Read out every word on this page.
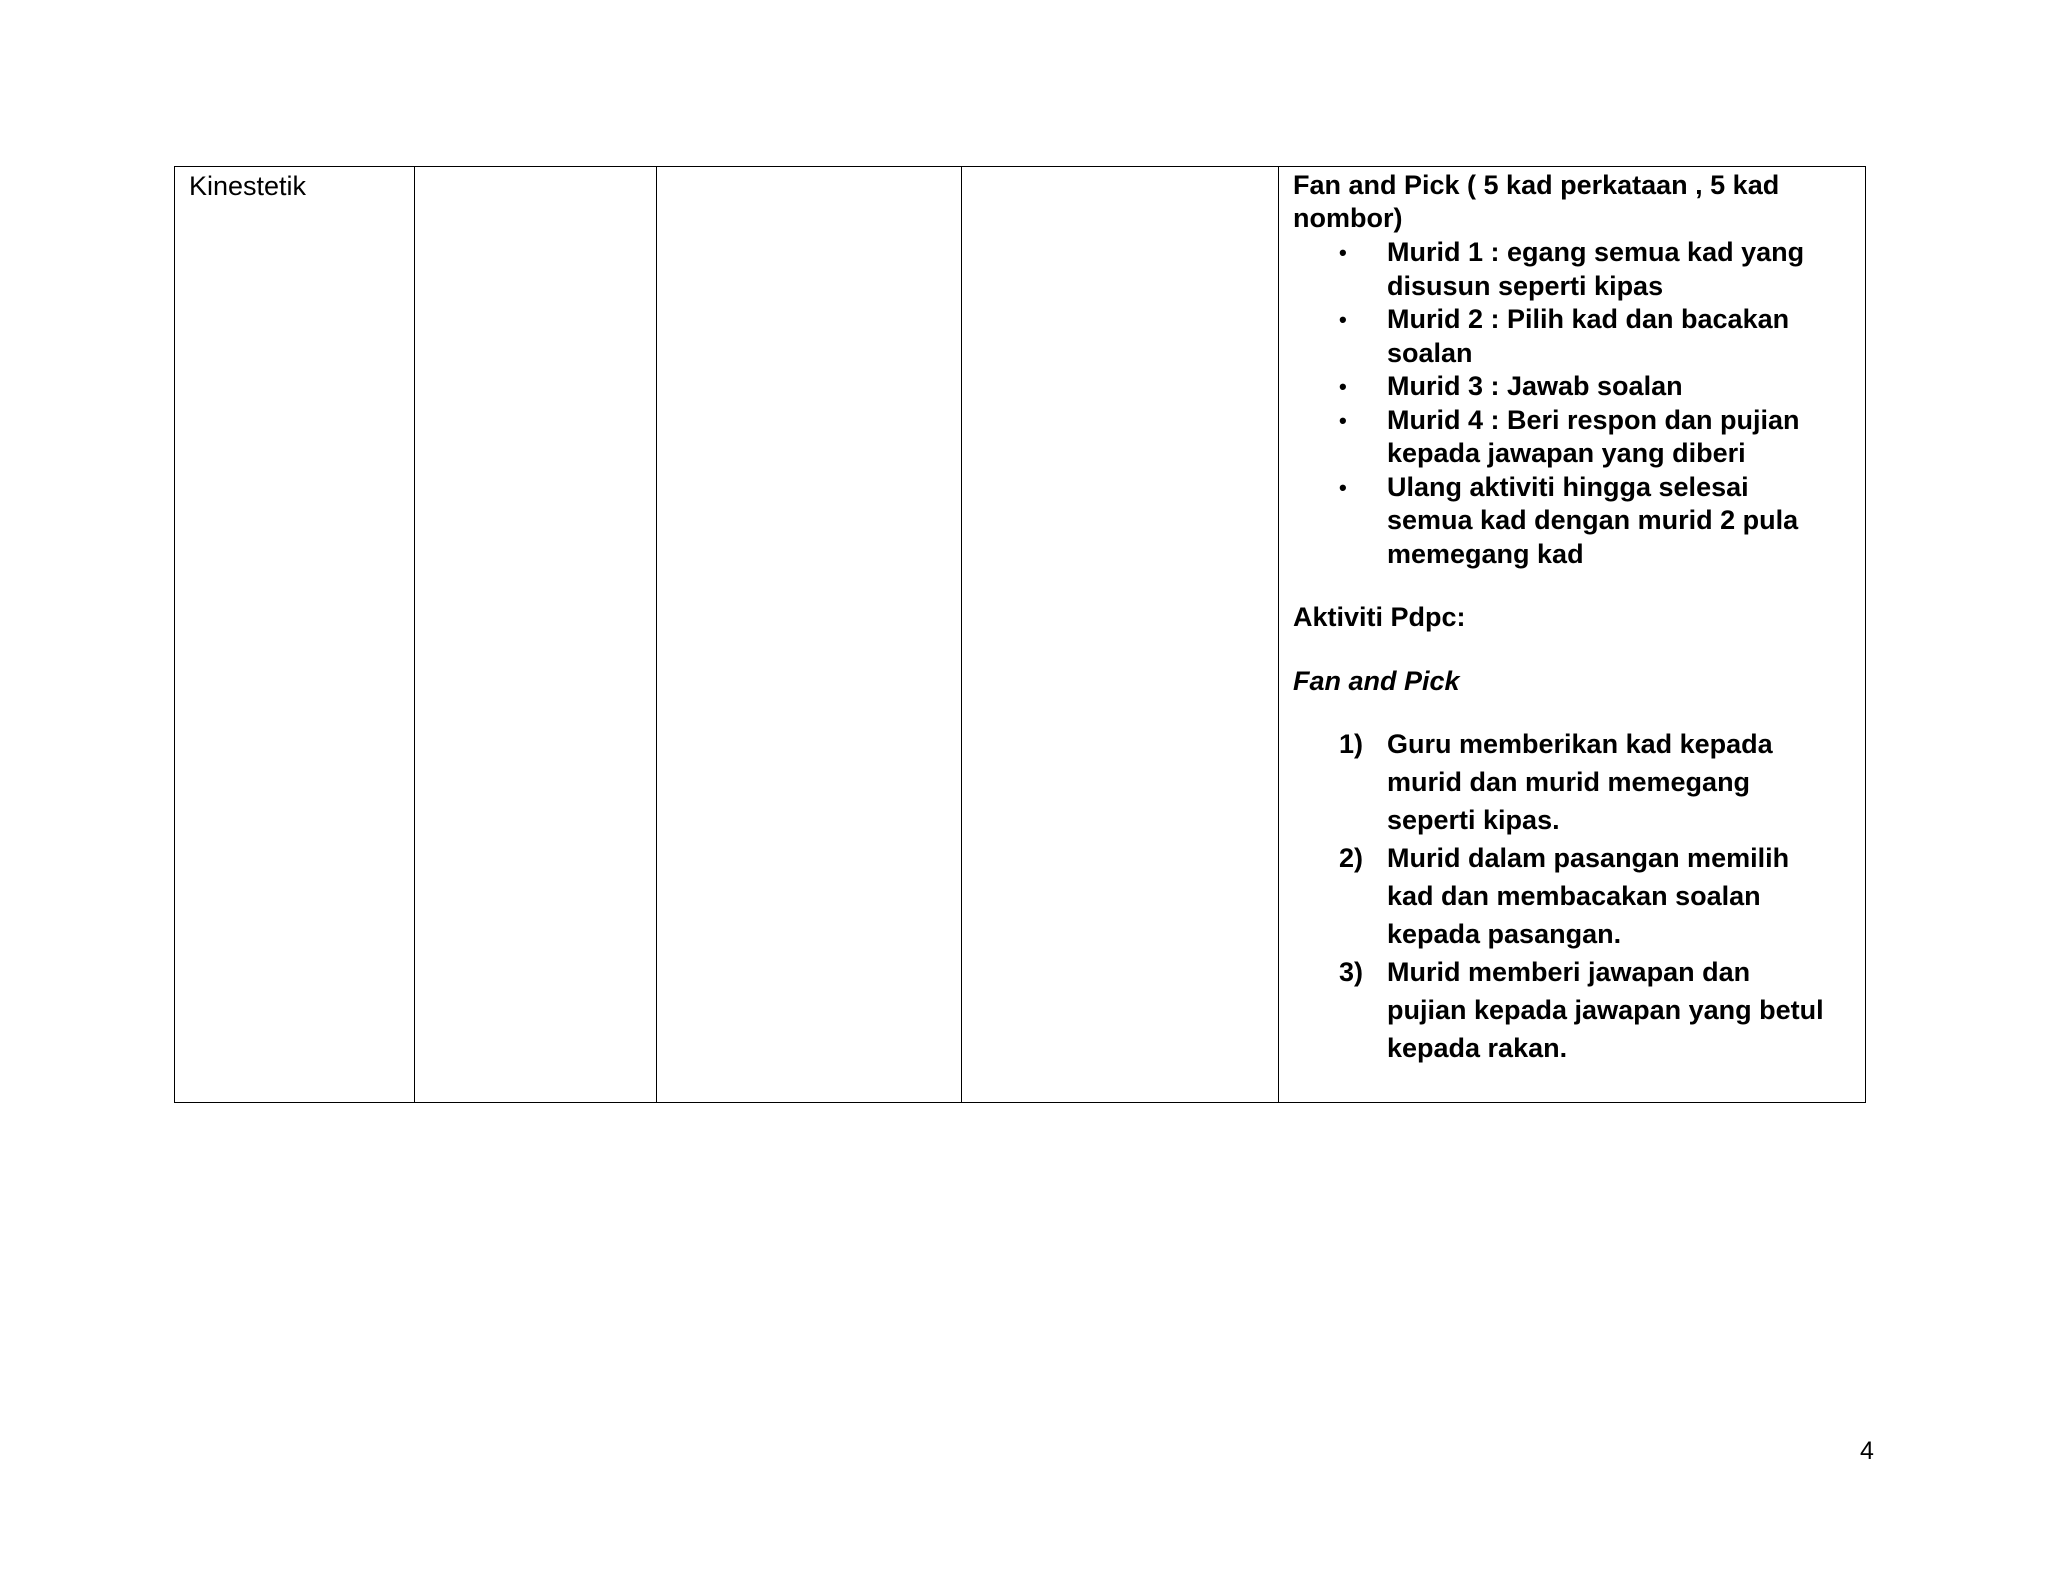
Kinestetik				Fan and Pick ( 5 kad perkataan , 5 kad
nombor)
• Murid 1 : egang semua kad yang
disusun seperti kipas
• Murid 2 : Pilih kad dan bacakan
soalan
• Murid 3 : Jawab soalan
• Murid 4 : Beri respon dan pujian
kepada jawapan yang diberi
• Ulang aktiviti hingga selesai
semua kad dengan murid 2 pula
memegang kad
Aktiviti Pdpc:
Fan and Pick
1) Guru memberikan kad kepada
murid dan murid memegang
seperti kipas.
2) Murid dalam pasangan memilih
kad dan membacakan soalan
kepada pasangan.
3) Murid memberi jawapan dan
pujian kepada jawapan yang betul
kepada rakan.
4
